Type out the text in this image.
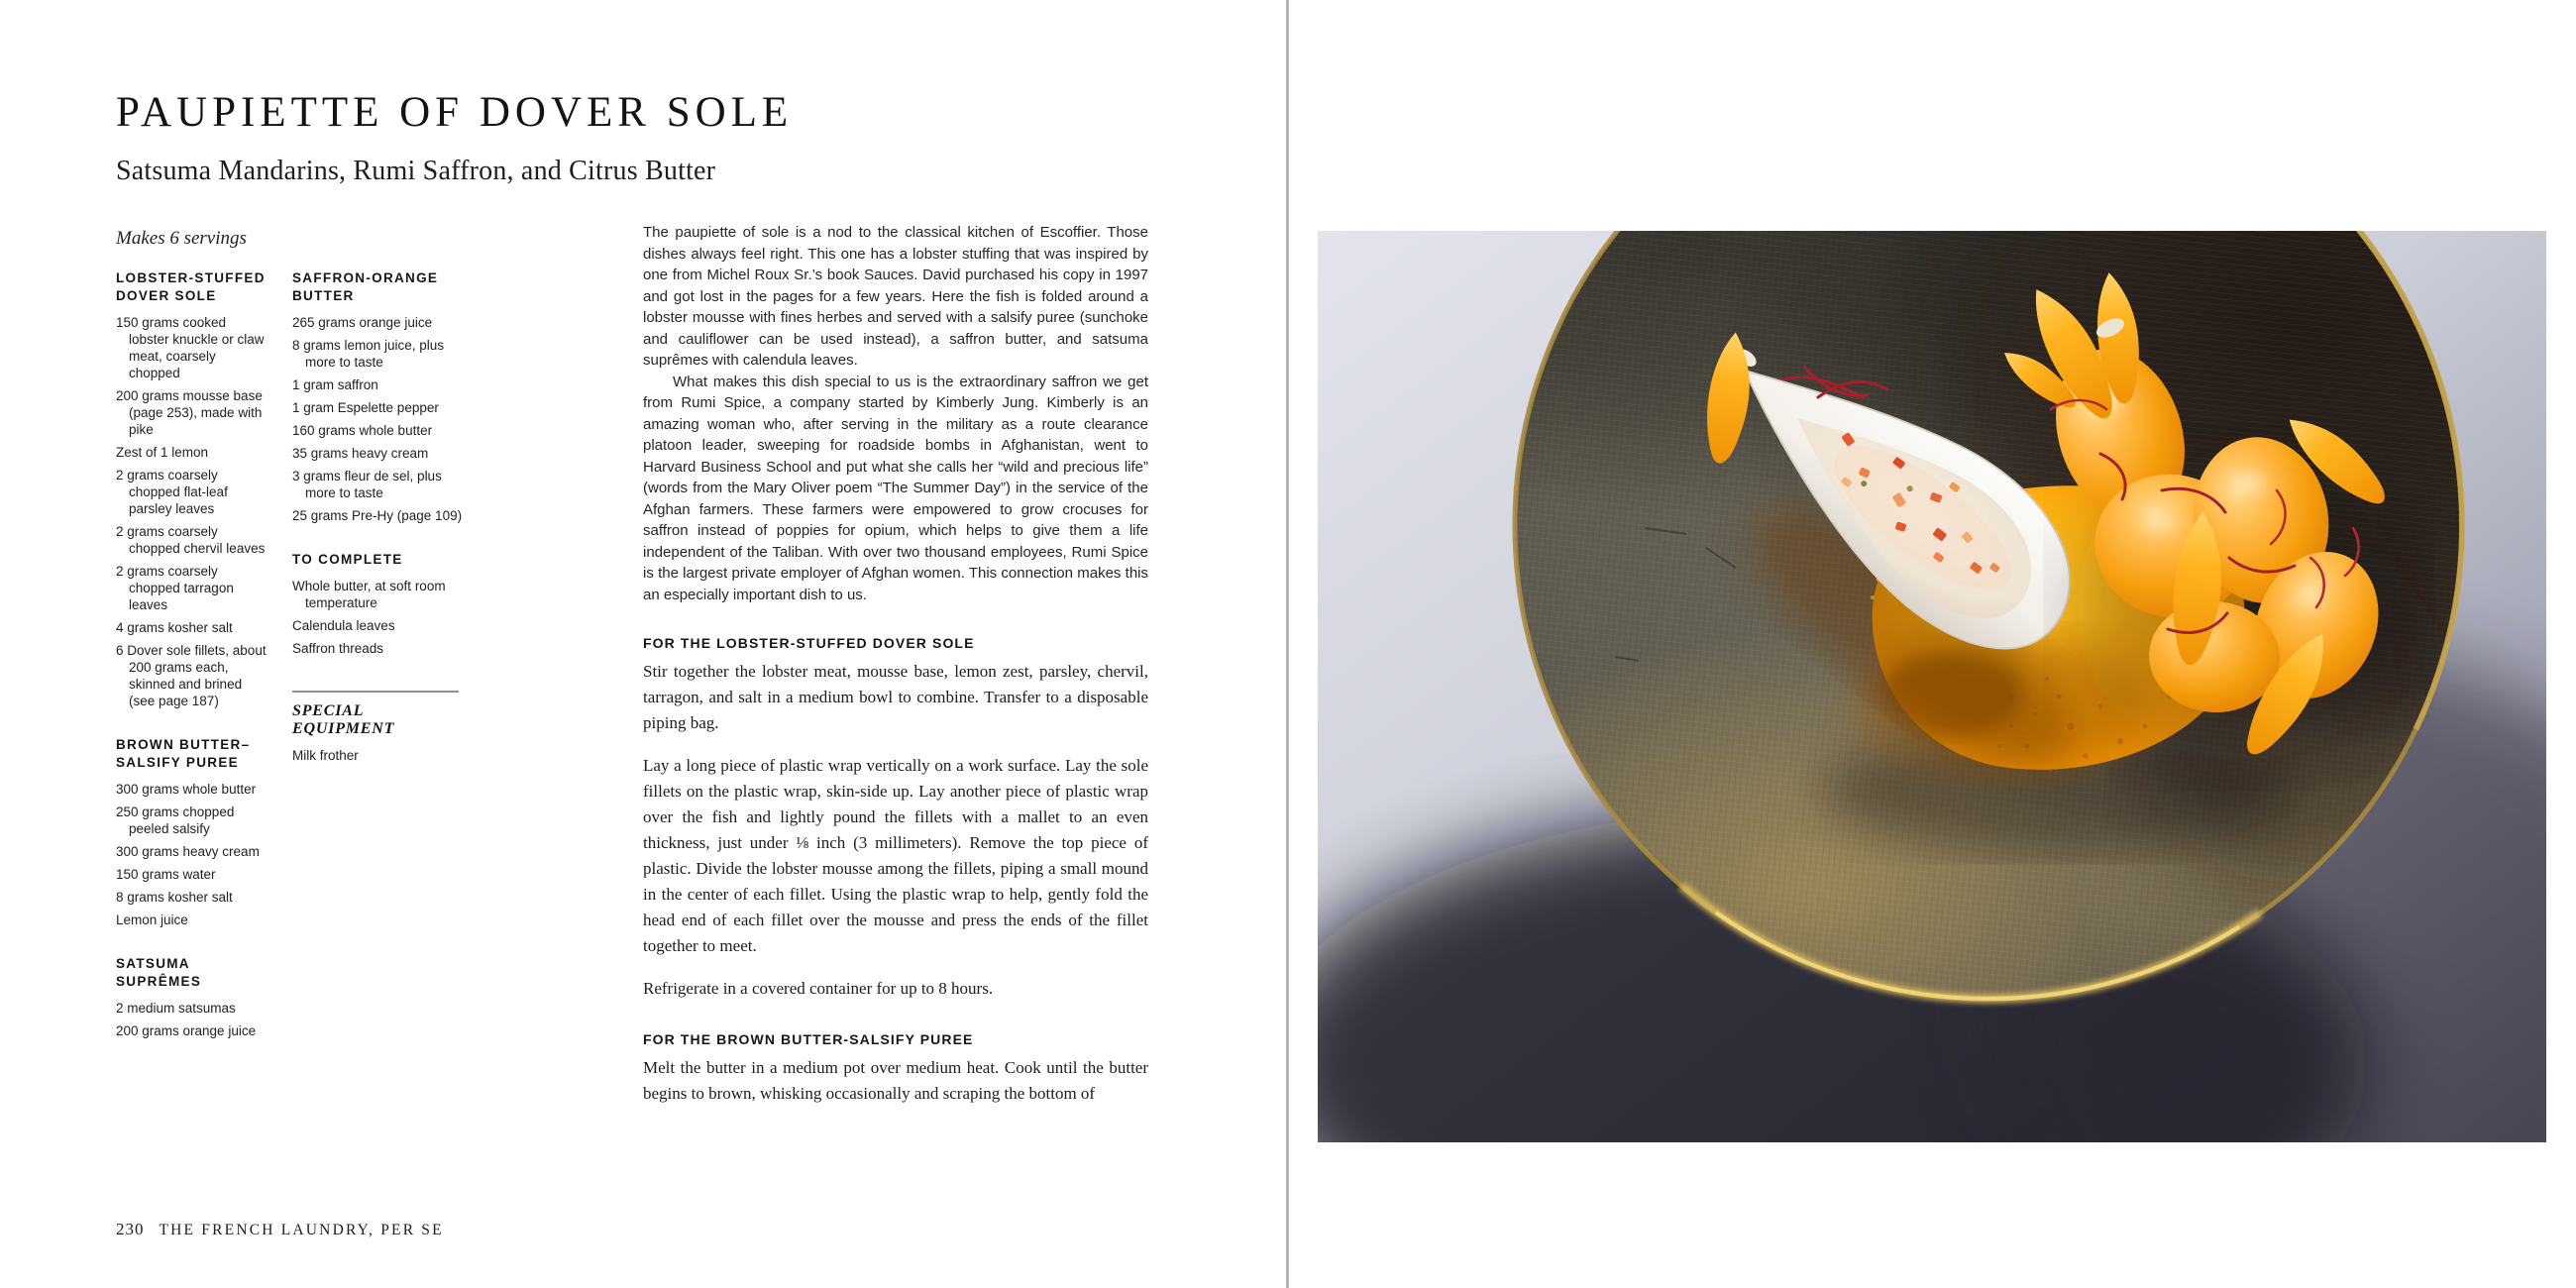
PAUPIETTE OF DOVER SOLE
Satsuma Mandarins, Rumi Saffron, and Citrus Butter
Makes 6 servings

LOBSTER-STUFFED DOVER SOLE

150 grams cooked lobster knuckle or claw meat, coarsely chopped

200 grams mousse base (page 253), made with pike

Zest of 1 lemon

2 grams coarsely chopped flat-leaf parsley leaves

2 grams coarsely chopped chervil leaves

2 grams coarsely chopped tarragon leaves

4 grams kosher salt

6 Dover sole fillets, about 200 grams each, skinned and brined (see page 187)

BROWN BUTTER–SALSIFY PUREE

300 grams whole butter

250 grams chopped peeled salsify

300 grams heavy cream

150 grams water

8 grams kosher salt

Lemon juice

SATSUMA SUPRÊMES

2 medium satsumas

200 grams orange juice

SAFFRON-ORANGE BUTTER

265 grams orange juice

8 grams lemon juice, plus more to taste

1 gram saffron

1 gram Espelette pepper

160 grams whole butter

35 grams heavy cream

3 grams fleur de sel, plus more to taste

25 grams Pre-Hy (page 109)

TO COMPLETE

Whole butter, at soft room temperature

Calendula leaves

Saffron threads

SPECIAL EQUIPMENT

Milk frother

The paupiette of sole is a nod to the classical kitchen of Escoffier. Those dishes always feel right. This one has a lobster stuffing that was inspired by one from Michel Roux Sr.’s book Sauces. David purchased his copy in 1997 and got lost in the pages for a few years. Here the fish is folded around a lobster mousse with fines herbes and served with a salsify puree (sunchoke and cauliflower can be used instead), a saffron butter, and satsuma suprêmes with calendula leaves.

What makes this dish special to us is the extraordinary saffron we get from Rumi Spice, a company started by Kimberly Jung. Kimberly is an amazing woman who, after serving in the military as a route clearance platoon leader, sweeping for roadside bombs in Afghanistan, went to Harvard Business School and put what she calls her “wild and precious life” (words from the Mary Oliver poem “The Summer Day”) in the service of the Afghan farmers. These farmers were empowered to grow crocuses for saffron instead of poppies for opium, which helps to give them a life independent of the Taliban. With over two thousand employees, Rumi Spice is the largest private employer of Afghan women. This connection makes this an especially important dish to us.

FOR THE LOBSTER-STUFFED DOVER SOLE

Stir together the lobster meat, mousse base, lemon zest, parsley, chervil, tarragon, and salt in a medium bowl to combine. Transfer to a disposable piping bag.

Lay a long piece of plastic wrap vertically on a work surface. Lay the sole fillets on the plastic wrap, skin-side up. Lay another piece of plastic wrap over the fish and lightly pound the fillets with a mallet to an even thickness, just under ⅛ inch (3 millimeters). Remove the top piece of plastic. Divide the lobster mousse among the fillets, piping a small mound in the center of each fillet. Using the plastic wrap to help, gently fold the head end of each fillet over the mousse and press the ends of the fillet together to meet.

Refrigerate in a covered container for up to 8 hours.

FOR THE BROWN BUTTER-SALSIFY PUREE

Melt the butter in a medium pot over medium heat. Cook until the butter begins to brown, whisking occasionally and scraping the bottom of

230 THE FRENCH LAUNDRY, PER SE
